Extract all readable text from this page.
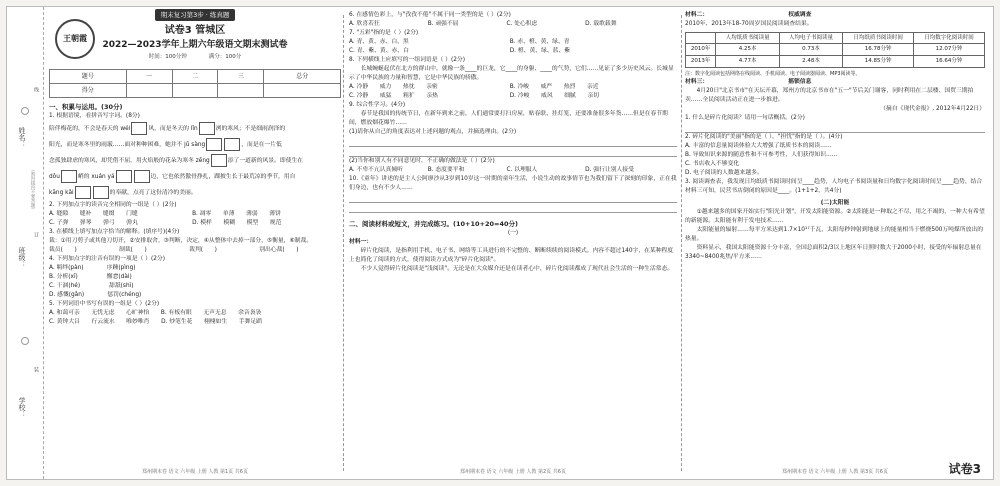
姓名：
班级：
学校：
（密封线内不要答题）
线
订
装
王朝霞
期末复习第3步 · 练真题
试卷3 管城区
2022—2023学年上期六年级语文期末测试卷
时间：100分钟　　　　	满分：100分
题号	一	二	三	总分
得分				
一、积累与运用。(30分)
1. 根据语境，看拼音写字词。(8分)
陪伴梅花的，不会是春天的 wéi	风，而是冬天的 lǐn	冽的寒风；不是细雨润泽的
阳光，而是寒冬里的雨霰……面对种种困难，她并不 jǔ sàng	，而是在一片低
念孤独肆虐的寒风，却凭借不屈，用火焰般的花朵为寒冬 zēng	添了一道新的风景。即使生在
dǒu	峭的 xuán yá	边，它也依然傲骨挣扎，踝披生长于最荒凉的季节，用自
kāng kǎi	的奉献，点亮了这份清冷的美丽。
2. 下列加点字的读音完全相同的一组是（ ）(2分)
A. 缝隙　　缝补　　缝缀　　门缝	B. 凋零　　单薄　　薄弱　　薄饼 C. 子弹　　弹琴　　弹弓　　弹丸	D. 模样　　模糊　　模型　　规范
3. 在横线上填写加点字恰当的解释。(填序号)(4分)
裁：①用刀剪子或其他刀切开，②安排取舍，③判断，决定，④从整体中去掉一部分，⑤衡量，⑥制裁。
裁员(　　)	制裁(　　)	裁判(　　)	别出心裁(　　)
4. 下列加点字的注音有误的一项是（ ）(2分)
A. 羁绊(pàn)　　　　序踵(pìng)
B. 分析(xī)　　　　　懈怠(dài)
C. 干涸(hé)　　　　　舔舐(shì)
D. 感慨(gǎn)　　　　惩罚(chéng)
5. 下列词语中书写有误的一组是（ ）(2分)
A. 和蔼可亲　　无忧无虑　　心旷神怡　　B. 有板有眼　　无声无息　　余音袅袅
C. 黄钟大吕　　行云流水　　唯妙唯肖　　D. 炒笔生花　　栩栩如生　　手舞足蹈
郑州期末卷 语文 六年级 上册 人教 第1页 共6页
6. 在感情色彩上，与"孜孜不倦"不属于同一类型的是（ ）(2分)
A. 欣喜若狂	B. 顽强不屈	C. 处心积虑	D. 载歌载舞
7. "五彩"指的是（ ）(2分)
A. 青、黄、赤、白、黑	B. 赤、橙、黄、绿、青 C. 青、紫、黄、赤、白	D. 橙、黄、绿、蓝、紫
8. 下列横线上应填写的一组词语是（ ）(2分)
长城蜿蜒起伏在北方的群山中，就像一条____的巨龙，它____的身躯、____的气势，它们……见证了多少历史风云。长城显示了中华民族的力量和智慧，它是中华民族的骄傲。
A. 冷静　　威力　　热忱　　亲密	B. 冷峻　　威严　　热烈　　亲近 C. 冷静　　威猛　　粗犷　　亲热	D. 冷峻　　威风　　细腻　　亲切
9. 综合性学习。(4分)
春节是我国的传统节日，在新年到来之前，人们通常要打扫房屋，贴春联、挂灯笼，还要准备很多年货……但是在春节期间，燃放烟花爆竹……
(1)请你从自己的角度表达对上述问题的观点，并摘选理由。(2分)
(2)当你和别人有不同意见时，不正确的做法是（ ）(2分)
A. 不卑不亢认真倾听	B. 态度要平和	C. 以理服人	D. 强行让别人接受
10.《童年》讲述的是主人公阿廖沙从3岁到10岁这一时期的童年生活，小说生动的故事情节也为我们留下了深刻的印象，正在我们身边，也有不少人……
二、阅读材料或短文，并完成练习。(10+10+20=40分)
(一)
材料一：
碎片化阅读，是指利用手机、电子书、网络等工具进行的不完整的、断断续续的阅读模式。内容不超过140字，在某种程度上也简化了阅读的方式，使得阅读方式成为"碎片化阅读"。
不少人觉得碎片化阅读是"浅阅读"。无论是在大众媒介还是在读者心中，碎片化阅读都成了现代社会生活的一种生活常态。
郑州期末卷 语文 六年级 上册 人教 第2页 共6页
材料二：	权威调查
2010年、2013年18-70周岁国民阅读调查结果。
	人均纸质书阅读量	人均电子书阅读量	日均纸质书阅读时间	日均数字化阅读时间
2010年	4.25本	0.73本	16.78分钟	12.07分钟
2013年	4.77本	2.48本	14.85分钟	16.64分钟
注：数字化阅读包括网络在线阅读、手机阅读、电子阅读器阅读、MP3阅读等。
材料三：	摇锁信息
4月20日"北京书市"在天坛开幕，郑州方的北京书市在"五一"节后关门谢客，同时利用在二层楼、国贸三期拍卖……全民阅读活动正在进一步推进。
（摘自《现代金报》, 2012年4月22日）
1. 什么是碎片化阅读？请用一句话概括。(2分)
2. 碎片化阅读的"美丽"指的是（ ），"担忧"指的是（ ）。(4分)
A. 丰富的信息量阅读体验大大增强了纸质书本的阅读……
B. 导致知识来源的随意性和不可参考性，人们获得知识……
C. 书店收入不够变化
D. 电子阅读的人数越来越多。
3. 阅读调查表，我发现日均纸质书阅读时间呈____趋势，人均电子书阅读量和日均数字化阅读时间呈____趋势，结合材料三可知，民营书店倒闭的原因是____。(1+1+2，共4分)
(二)太阳能
①越来越多的国家开始实行"阳光计划"，开发太阳能资源。②太阳能是一种取之不尽、用之不竭的，一种大有希望的新能源。太阳能有利于发电技术……
太阳能量的辐射……每平方米达到1.7×10¹⁷千瓦，太阳每秒钟射到地球上的能量相当于燃烧500万吨煤所放出的热量。
资料显示，我国太阳能资源十分丰富，全国总面积2/3以上地区年日照时数大于2000小时，接受的年辐射总量在3340~8400兆焦/平方米……
郑州期末卷 语文 六年级 上册 人教 第3页 共6页	试卷3
